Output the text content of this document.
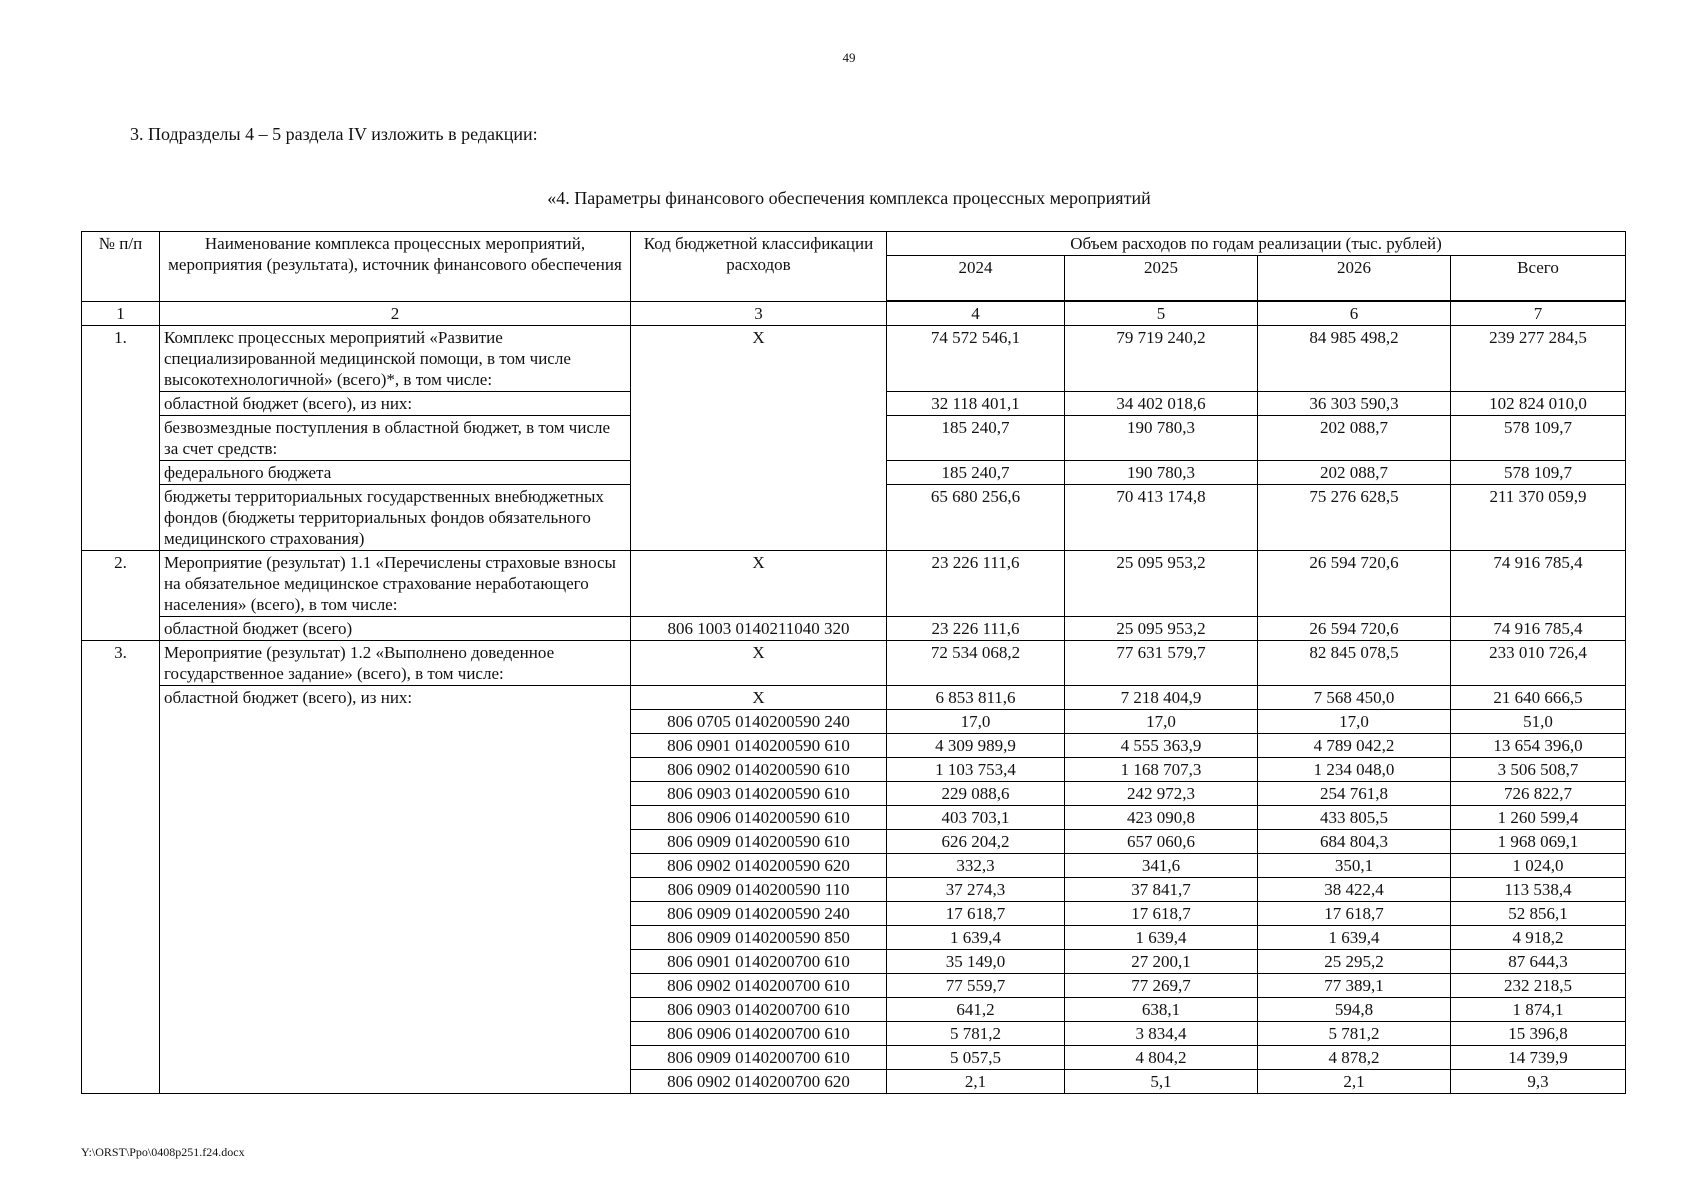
49
3. Подразделы 4 – 5 раздела IV изложить в редакции:
«4. Параметры финансового обеспечения комплекса процессных мероприятий
№ п/п	Наименование комплекса процессных мероприятий, мероприятия (результата), источник финансового обеспечения	Код бюджетной классификации расходов	Объем расходов по годам реализации (тыс. рублей)			
			2024	2025	2026	Всего
1	2	3	4	5	6	7
1.	Комплекс процессных мероприятий «Развитие специализированной медицинской помощи, в том числе высокотехнологичной» (всего)*, в том числе:	Х	74 572 546,1	79 719 240,2	84 985 498,2	239 277 284,5
	областной бюджет (всего), из них:		32 118 401,1	34 402 018,6	36 303 590,3	102 824 010,0
	безвозмездные поступления в областной бюджет, в том числе за счет средств:		185 240,7	190 780,3	202 088,7	578 109,7
	федерального бюджета		185 240,7	190 780,3	202 088,7	578 109,7
	бюджеты территориальных государственных внебюджетных фондов (бюджеты территориальных фондов обязательного медицинского страхования)		65 680 256,6	70 413 174,8	75 276 628,5	211 370 059,9
2.	Мероприятие (результат) 1.1 «Перечислены страховые взносы на обязательное медицинское страхование неработающего населения» (всего), в том числе:	Х	23 226 111,6	25 095 953,2	26 594 720,6	74 916 785,4
	областной бюджет (всего)	806 1003 0140211040 320	23 226 111,6	25 095 953,2	26 594 720,6	74 916 785,4
3.	Мероприятие (результат) 1.2 «Выполнено доведенное государственное задание» (всего), в том числе:	Х	72 534 068,2	77 631 579,7	82 845 078,5	233 010 726,4
	областной бюджет (всего), из них:	Х	6 853 811,6	7 218 404,9	7 568 450,0	21 640 666,5
		806 0705 0140200590 240	17,0	17,0	17,0	51,0
		806 0901 0140200590 610	4 309 989,9	4 555 363,9	4 789 042,2	13 654 396,0
		806 0902 0140200590 610	1 103 753,4	1 168 707,3	1 234 048,0	3 506 508,7
		806 0903 0140200590 610	229 088,6	242 972,3	254 761,8	726 822,7
		806 0906 0140200590 610	403 703,1	423 090,8	433 805,5	1 260 599,4
		806 0909 0140200590 610	626 204,2	657 060,6	684 804,3	1 968 069,1
		806 0902 0140200590 620	332,3	341,6	350,1	1 024,0
		806 0909 0140200590 110	37 274,3	37 841,7	38 422,4	113 538,4
		806 0909 0140200590 240	17 618,7	17 618,7	17 618,7	52 856,1
		806 0909 0140200590 850	1 639,4	1 639,4	1 639,4	4 918,2
		806 0901 0140200700 610	35 149,0	27 200,1	25 295,2	87 644,3
		806 0902 0140200700 610	77 559,7	77 269,7	77 389,1	232 218,5
		806 0903 0140200700 610	641,2	638,1	594,8	1 874,1
		806 0906 0140200700 610	5 781,2	3 834,4	5 781,2	15 396,8
		806 0909 0140200700 610	5 057,5	4 804,2	4 878,2	14 739,9
		806 0902 0140200700 620	2,1	5,1	2,1	9,3
Y:\ORST\Ppo\0408p251.f24.docx
